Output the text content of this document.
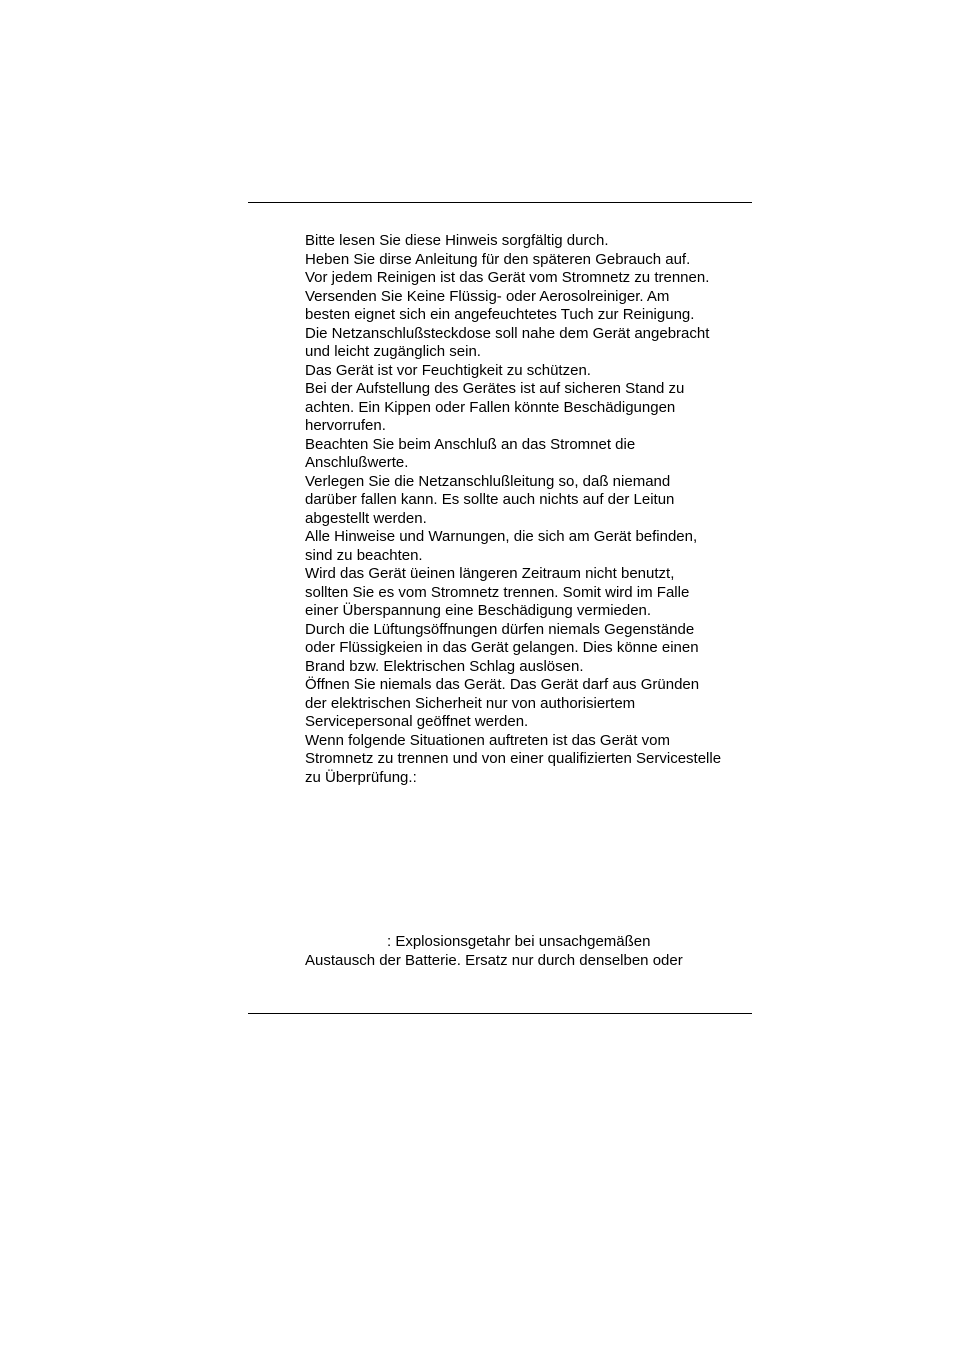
Bitte lesen Sie diese Hinweis sorgfältig durch.
Heben Sie dirse Anleitung für den späteren Gebrauch auf.
Vor jedem Reinigen ist das Gerät vom Stromnetz zu trennen.
Versenden Sie Keine Flüssig- oder Aerosolreiniger. Am
besten eignet sich ein angefeuchtetes Tuch zur Reinigung.
Die Netzanschlußsteckdose soll nahe dem Gerät angebracht
und leicht zugänglich sein.
Das Gerät ist vor Feuchtigkeit zu schützen.
Bei der Aufstellung des Gerätes ist auf sicheren Stand zu
achten. Ein Kippen oder Fallen könnte Beschädigungen
hervorrufen.
Beachten Sie beim Anschluß an das Stromnet die
Anschlußwerte.
Verlegen Sie die Netzanschlußleitung so, daß niemand
darüber fallen kann. Es sollte auch nichts auf der Leitun
abgestellt werden.
Alle Hinweise und Warnungen, die sich am Gerät befinden,
sind zu beachten.
Wird das Gerät üeinen längeren Zeitraum nicht benutzt,
sollten Sie es vom Stromnetz trennen. Somit wird im Falle
einer Überspannung eine Beschädigung vermieden.
Durch die Lüftungsöffnungen dürfen niemals Gegenstände
oder Flüssigkeien in das Gerät gelangen. Dies könne einen
Brand bzw. Elektrischen Schlag auslösen.
Öffnen Sie niemals das Gerät. Das Gerät darf aus Gründen
der elektrischen Sicherheit nur von authorisiertem
Servicepersonal geöffnet werden.
Wenn folgende Situationen auftreten ist das Gerät vom
Stromnetz zu trennen und von einer qualifizierten Servicestelle
zu Überprüfung.:
: Explosionsgetahr bei unsachgemäßen
Austausch der Batterie. Ersatz nur durch denselben oder
